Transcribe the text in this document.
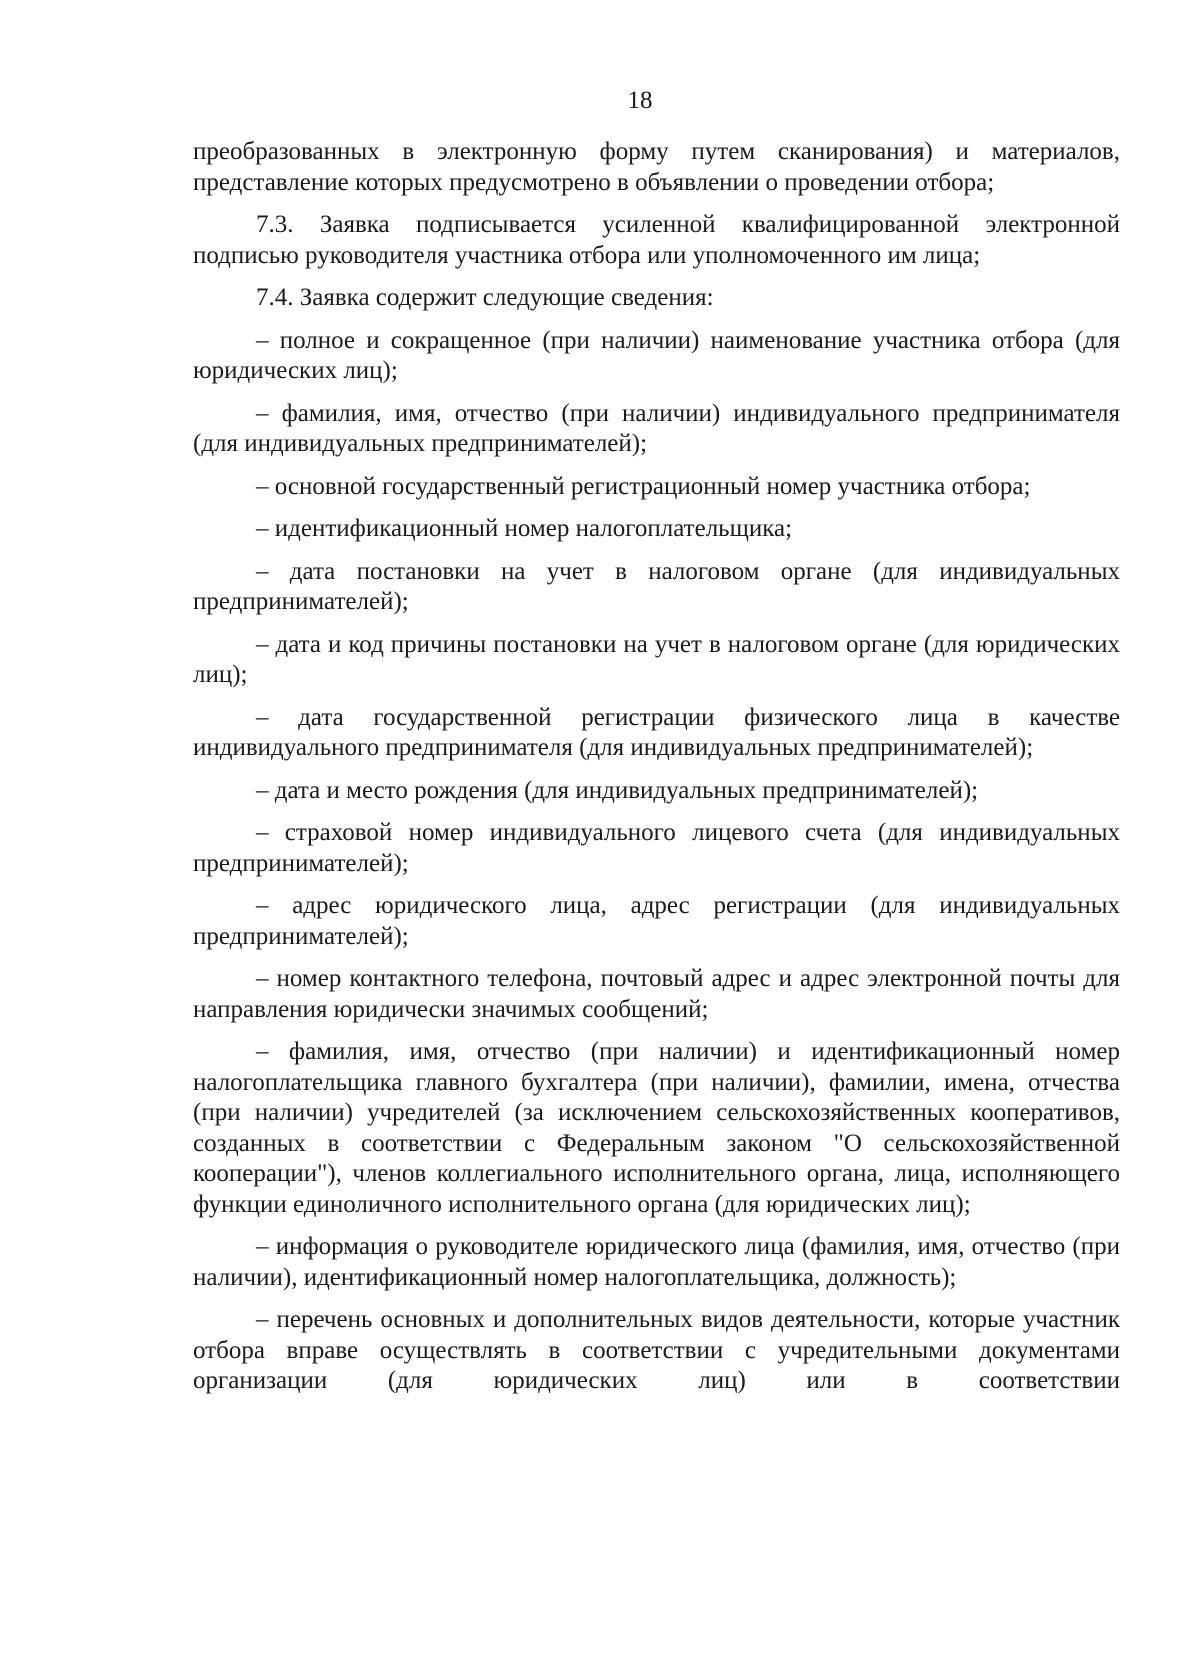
18

преобразованных в электронную форму путем сканирования) и материалов, представление которых предусмотрено в объявлении о проведении отбора;

7.3. Заявка подписывается усиленной квалифицированной электронной подписью руководителя участника отбора или уполномоченного им лица;

7.4. Заявка содержит следующие сведения:

– полное и сокращенное (при наличии) наименование участника отбора (для юридических лиц);

– фамилия, имя, отчество (при наличии) индивидуального предпринимателя (для индивидуальных предпринимателей);

– основной государственный регистрационный номер участника отбора;

– идентификационный номер налогоплательщика;

– дата постановки на учет в налоговом органе (для индивидуальных предпринимателей);

– дата и код причины постановки на учет в налоговом органе (для юридических лиц);

– дата государственной регистрации физического лица в качестве индивидуального предпринимателя (для индивидуальных предпринимателей);

– дата и место рождения (для индивидуальных предпринимателей);

– страховой номер индивидуального лицевого счета (для индивидуальных предпринимателей);

– адрес юридического лица, адрес регистрации (для индивидуальных предпринимателей);

– номер контактного телефона, почтовый адрес и адрес электронной почты для направления юридически значимых сообщений;

– фамилия, имя, отчество (при наличии) и идентификационный номер налогоплательщика главного бухгалтера (при наличии), фамилии, имена, отчества (при наличии) учредителей (за исключением сельскохозяйственных кооперативов, созданных в соответствии с Федеральным законом "О сельскохозяйственной кооперации"), членов коллегиального исполнительного органа, лица, исполняющего функции единоличного исполнительного органа (для юридических лиц);

– информация о руководителе юридического лица (фамилия, имя, отчество (при наличии), идентификационный номер налогоплательщика, должность);

– перечень основных и дополнительных видов деятельности, которые участник отбора вправе осуществлять в соответствии с учредительными документами организации (для юридических лиц) или в соответствии
